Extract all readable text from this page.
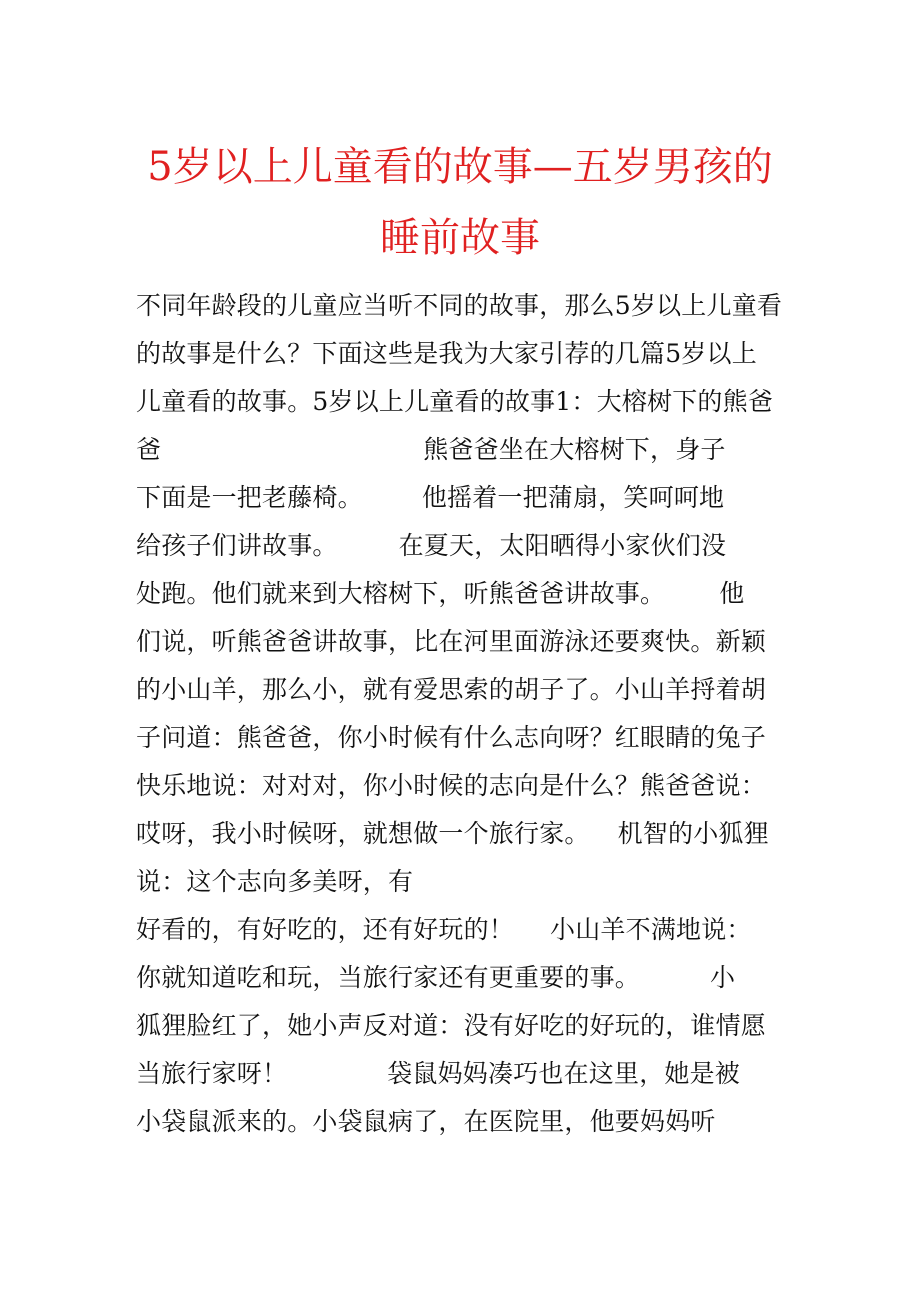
5岁以上儿童看的故事—五岁男孩的
睡前故事
不同年龄段的儿童应当听不同的故事，那么5岁以上儿童看
的故事是什么？下面这些是我为大家引荐的几篇5岁以上
儿童看的故事。5岁以上儿童看的故事1：大榕树下的熊爸
爸	熊爸爸坐在大榕树下，身子
下面是一把老藤椅。 他摇着一把蒲扇，笑呵呵地
给孩子们讲故事。 在夏天，太阳晒得小家伙们没
处跑。他们就来到大榕树下，听熊爸爸讲故事。 他
们说，听熊爸爸讲故事，比在河里面游泳还要爽快。新颖
的小山羊，那么小，就有爱思索的胡子了。小山羊捋着胡
子问道：熊爸爸，你小时候有什么志向呀？红眼睛的兔子
快乐地说：对对对，你小时候的志向是什么？熊爸爸说：
哎呀，我小时候呀，就想做一个旅行家。 机智的小狐狸
说：这个志向多美呀，有
好看的，有好吃的，还有好玩的！ 小山羊不满地说：
你就知道吃和玩，当旅行家还有更重要的事。	小
狐狸脸红了，她小声反对道：没有好吃的好玩的，谁情愿
当旅行家呀！	袋鼠妈妈凑巧也在这里，她是被
小袋鼠派来的。小袋鼠病了，在医院里，他要妈妈听
